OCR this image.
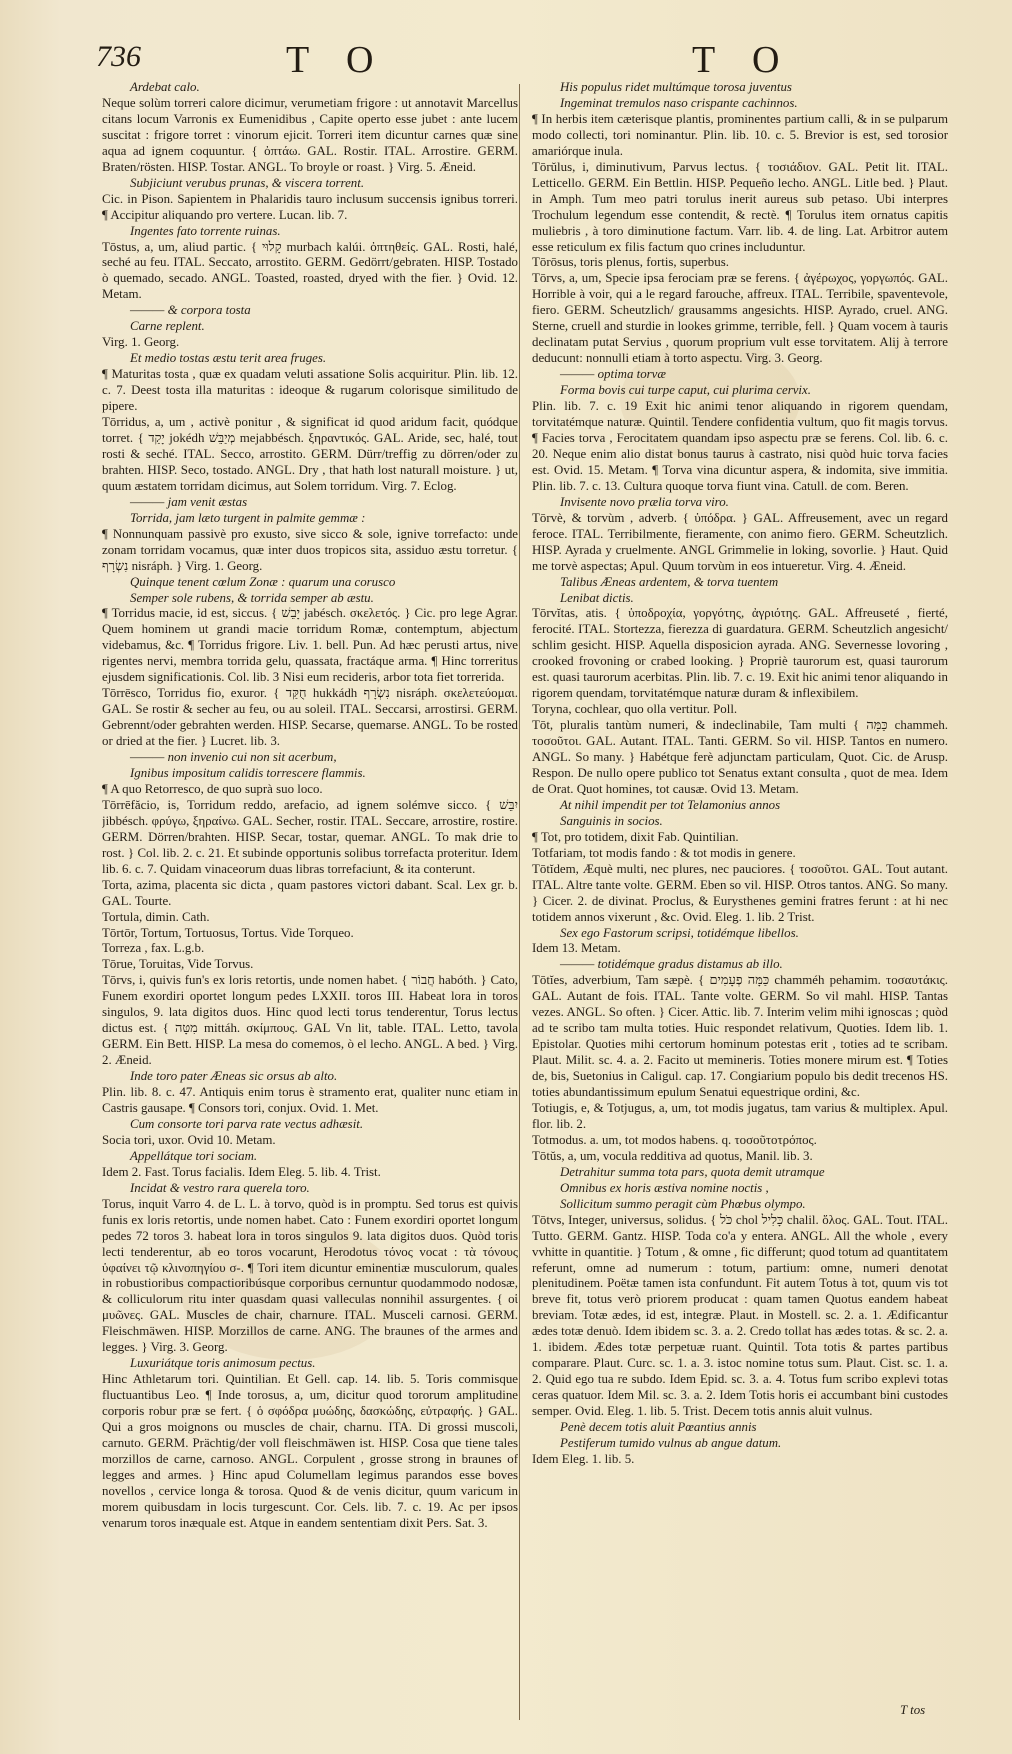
736	T O	T O
Ardebat calo.
Neque solùm torreri calore dicimur, verumetiam frigore : ut annotavit Marcellus citans locum Varronis ex Eumenidibus , Capite operto esse jubet : ante lucem suscitat : frigore torret : vinorum ejicit. Torreri item dicuntur carnes quæ sine aqua ad ignem coquuntur. { ὀπτάω. GAL. Rostir. ITAL. Arrostire. GERM. Braten/rösten. HISP. Tostar. ANGL. To broyle or roast. } Virg. 5. Æneid.
Subjiciunt verubus prunas, & viscera torrent.
Cic. in Pison. Sapientem in Phalaridis tauro inclusum succensis ignibus torreri. ¶ Accipitur aliquando pro vertere. Lucan. lib. 7.
Ingentes fato torrente ruinas.
Tōstus, a, um, aliud partic. { קָלוּי murbach kalúi. ὀπτηθείς. GAL. Rosti, halé, seché au feu. ITAL. Seccato, arrostito. GERM. Gedörrt/gebraten. HISP. Tostado ò quemado, secado. ANGL. Toasted, roasted, dryed with the fier. } Ovid. 12. Metam.
——— & corpora tosta
Carne replent.
Virg. 1. Georg.
Et medio tostas æstu terit area fruges.
¶ Maturitas tosta , quæ ex quadam veluti assatione Solis acquiritur. Plin. lib. 12. c. 7. Deest tosta illa maturitas : ideoque & rugarum colorisque similitudo de pipere.
Tōrridus, a, um , activè ponitur , & significat id quod aridum facit, quódque torret. { יָקַד jokédh מְיַבֵּשׁ mejabbésch. ξηραντικός. GAL. Aride, sec, halé, tout rosti & seché. ITAL. Secco, arrostito. GERM. Dürr/treffig zu dörren/oder zu brahten. HISP. Seco, tostado. ANGL. Dry , that hath lost naturall moisture. } ut, quum æstatem torridam dicimus, aut Solem torridum. Virg. 7. Eclog.
——— jam venit æstas
Torrida, jam læto turgent in palmite gemmæ :
¶ Nonnunquam passivè pro exusto, sive sicco & sole, ignive torrefacto: unde zonam torridam vocamus, quæ inter duos tropicos sita, assiduo æstu torretur. { נִשְׂרָף nisráph. } Virg. 1. Georg.
Quinque tenent cœlum Zonæ : quarum una corusco
Semper sole rubens, & torrida semper ab æstu.
¶ Torridus macie, id est, siccus. { יָבֵשׁ jabésch. σκελετός. } Cic. pro lege Agrar. Quem hominem ut grandi macie torridum Romæ, contemptum, abjectum videbamus, &c. ¶ Torridus frigore. Liv. 1. bell. Pun. Ad hæc perusti artus, nive rigentes nervi, membra torrida gelu, quassata, fractáque arma. ¶ Hinc torreritus ejusdem significationis. Col. lib. 3 Nisi eum recideris, arbor tota fiet torrerida.
Tōrrēsco, Torridus fio, exuror. { חֻקַּד hukkádh נִשְׂרָף nisráph. σκελετεύομαι. GAL. Se rostir & secher au feu, ou au soleil. ITAL. Seccarsi, arrostirsi. GERM. Gebrennt/oder gebrahten werden. HISP. Secarse, quemarse. ANGL. To be rosted or dried at the fier. } Lucret. lib. 3.
——— non invenio cui non sit acerbum,
Ignibus impositum calidis torrescere flammis.
¶ A quo Retorresco, de quo suprà suo loco.
Tōrrēfăcio, is, Torridum reddo, arefacio, ad ignem solémve sicco. { יִבֵּשׁ jibbésch. φρύγω, ξηραίνω. GAL. Secher, rostir. ITAL. Seccare, arrostire, rostire. GERM. Dörren/brahten. HISP. Secar, tostar, quemar. ANGL. To mak drie to rost. } Col. lib. 2. c. 21. Et subinde opportunis solibus torrefacta proteritur. Idem lib. 6. c. 7. Quidam vinaceorum duas libras torrefaciunt, & ita conterunt.
Torta, azima, placenta sic dicta , quam pastores victori dabant. Scal. Lex gr. b. GAL. Tourte.
Tortula, dimin. Cath.
Tōrtōr, Tortum, Tortuosus, Tortus. Vide Torqueo.
Torreza , fax. L.g.b.
Tōrue, Toruitas, Vide Torvus.
Tōrvs, i, quivis fun's ex loris retortis, unde nomen habet. { חֲבוֹר habóth. } Cato, Funem exordiri oportet longum pedes LXXII. toros III. Habeat lora in toros singulos, 9. lata digitos duos. Hinc quod lecti torus tenderentur, Torus lectus dictus est. { מִטָּה mittáh. σκίμπους. GAL Vn lit, table. ITAL. Letto, tavola GERM. Ein Bett. HISP. La mesa do comemos, ò el lecho. ANGL. A bed. } Virg. 2. Æneid.
Inde toro pater Æneas sic orsus ab alto.
Plin. lib. 8. c. 47. Antiquis enim torus è stramento erat, qualiter nunc etiam in Castris gausape. ¶ Consors tori, conjux. Ovid. 1. Met.
Cum consorte tori parva rate vectus adhæsit.
Socia tori, uxor. Ovid 10. Metam.
Appellátque tori sociam.
Idem 2. Fast. Torus facialis. Idem Eleg. 5. lib. 4. Trist.
Incidat & vestro rara querela toro.
Torus, inquit Varro 4. de L. L. à torvo, quòd is in promptu. Sed torus est quivis funis ex loris retortis, unde nomen habet. Cato : Funem exordiri oportet longum pedes 72 toros 3. habeat lora in toros singulos 9. lata digitos duos. Quòd toris lecti tenderentur, ab eo toros vocarunt, Herodotus τόνος vocat : τὰ τόνους ὑφαίνει τῷ κλινοπηγίου σ-. ¶ Tori item dicuntur eminentiæ musculorum, quales in robustioribus compactioribúsque corporibus cernuntur quodammodo nodosæ, & colliculorum ritu inter quasdam quasi valleculas nonnihil assurgentes. { οἱ μυῶνες. GAL. Muscles de chair, charnure. ITAL. Musceli carnosi. GERM. Fleischmäwen. HISP. Morzillos de carne. ANG. The braunes of the armes and legges. } Virg. 3. Georg.
Luxuriátque toris animosum pectus.
Hinc Athletarum tori. Quintilian. Et Gell. cap. 14. lib. 5. Toris commisque fluctuantibus Leo. ¶ Inde torosus, a, um, dicitur quod tororum amplitudine corporis robur præ se fert. { ὁ σφόδρα μυώδης, δασκώδης, εὐτραφής. } GAL. Qui a gros moignons ou muscles de chair, charnu. ITA. Di grossi muscoli, carnuto. GERM. Prächtig/der voll fleischmäwen ist. HISP. Cosa que tiene tales morzillos de carne, carnoso. ANGL. Corpulent , grosse strong in braunes of legges and armes. } Hinc apud Columellam legimus parandos esse boves novellos , cervice longa & torosa. Quod & de venis dicitur, quum varicum in morem quibusdam in locis turgescunt. Cor. Cels. lib. 7. c. 19. Ac per ipsos venarum toros inæquale est. Atque in eandem sententiam dixit Pers. Sat. 3.
His populus ridet multúmque torosa juventus
Ingeminat tremulos naso crispante cachinnos.
¶ In herbis item cæterisque plantis, prominentes partium calli, & in se pulparum modo collecti, tori nominantur. Plin. lib. 10. c. 5. Brevior is est, sed torosior amariórque inula.
Tōrŭlus, i, diminutivum, Parvus lectus. { τοσιάδιον. GAL. Petit lit. ITAL. Letticello. GERM. Ein Bettlin. HISP. Pequeño lecho. ANGL. Litle bed. } Plaut. in Amph. Tum meo patri torulus inerit aureus sub petaso. Ubi interpres Trochulum legendum esse contendit, & rectè. ¶ Torulus item ornatus capitis muliebris , à toro diminutione factum. Varr. lib. 4. de ling. Lat. Arbitror autem esse reticulum ex filis factum quo crines includuntur.
Tōrōsus, toris plenus, fortis, superbus.
Tōrvs, a, um, Specie ipsa ferociam præ se ferens. { ἀγέρωχος, γοργωπός. GAL. Horrible à voir, qui a le regard farouche, affreux. ITAL. Terribile, spaventevole, fiero. GERM. Scheutzlich/ grausamms angesichts. HISP. Ayrado, cruel. ANG. Sterne, cruell and sturdie in lookes grimme, terrible, fell. } Quam vocem à tauris declinatam putat Servius , quorum proprium vult esse torvitatem. Alij à terrore deducunt: nonnulli etiam à torto aspectu. Virg. 3. Georg.
——— optima torvæ
Forma bovis cui turpe caput, cui plurima cervix.
Plin. lib. 7. c. 19 Exit hic animi tenor aliquando in rigorem quendam, torvitatémque naturæ. Quintil. Tendere confidentia vultum, quo fit magis torvus. ¶ Facies torva , Ferocitatem quandam ipso aspectu præ se ferens. Col. lib. 6. c. 20. Neque enim alio distat bonus taurus à castrato, nisi quòd huic torva facies est. Ovid. 15. Metam. ¶ Torva vina dicuntur aspera, & indomita, sive immitia. Plin. lib. 7. c. 13. Cultura quoque torva fiunt vina. Catull. de com. Beren.
Invisente novo prælia torva viro.
Tōrvè, & torvùm , adverb. { ὑπόδρα. } GAL. Affreusement, avec un regard feroce. ITAL. Terribilmente, fieramente, con animo fiero. GERM. Scheutzlich. HISP. Ayrada y cruelmente. ANGL Grimmelie in loking, sovorlie. } Haut. Quid me torvè aspectas; Apul. Quum torvùm in eos intueretur. Virg. 4. Æneid.
Talibus Æneas ardentem, & torva tuentem
Lenibat dictis.
Tōrvĭtas, atis. { ὑποδροχία, γοργότης, ἀγριότης. GAL. Affreuseté , fierté, ferocité. ITAL. Stortezza, fierezza di guardatura. GERM. Scheutzlich angesicht/ schlim gesicht. HISP. Aquella disposicion ayrada. ANG. Severnesse lovoring , crooked frovoning or crabed looking. } Propriè taurorum est, quasi taurorum est. quasi taurorum acerbitas. Plin. lib. 7. c. 19. Exit hic animi tenor aliquando in rigorem quendam, torvitatémque naturæ duram & inflexibilem.
Toryna, cochlear, quo olla vertitur. Poll.
Tōt, pluralis tantùm numeri, & indeclinabile, Tam multi { כַּמָּה chammeh. τοσοῦτοι. GAL. Autant. ITAL. Tanti. GERM. So vil. HISP. Tantos en numero. ANGL. So many. } Habétque ferè adjunctam particulam, Quot. Cic. de Arusp. Respon. De nullo opere publico tot Senatus extant consulta , quot de mea. Idem de Orat. Quot homines, tot causæ. Ovid 13. Metam.
At nihil impendit per tot Telamonius annos
Sanguinis in socios.
¶ Tot, pro totidem, dixit Fab. Quintilian.
Totfariam, tot modis fando : & tot modis in genere.
Tōtĭdem, Æquè multi, nec plures, nec pauciores. { τοσοῦτοι. GAL. Tout autant. ITAL. Altre tante volte. GERM. Eben so vil. HISP. Otros tantos. ANG. So many. } Cicer. 2. de divinat. Proclus, & Eurysthenes gemini fratres ferunt : at hi nec totidem annos vixerunt , &c. Ovid. Eleg. 1. lib. 2 Trist.
Sex ego Fastorum scripsi, totidémque libellos.
Idem 13. Metam.
——— totidémque gradus distamus ab illo.
Tōtĭes, adverbium, Tam sæpè. { כַּמָּה פְעָמִים chamméh pehamim. τοσαυτάκις. GAL. Autant de fois. ITAL. Tante volte. GERM. So vil mahl. HISP. Tantas vezes. ANGL. So often. } Cicer. Attic. lib. 7. Interim velim mihi ignoscas ; quòd ad te scribo tam multa toties. Huic respondet relativum, Quoties. Idem lib. 1. Epistolar. Quoties mihi certorum hominum potestas erit , toties ad te scribam. Plaut. Milit. sc. 4. a. 2. Facito ut memineris. Toties monere mirum est. ¶ Toties de, bis, Suetonius in Caligul. cap. 17. Congiarium populo bis dedit trecenos HS. toties abundantissimum epulum Senatui equestrique ordini, &c.
Totiugis, e, & Totjugus, a, um, tot modis jugatus, tam varius & multiplex. Apul. flor. lib. 2.
Totmodus. a. um, tot modos habens. q. τοσοῦτοτρόπος.
Tōtŭs, a, um, vocula redditiva ad quotus, Manil. lib. 3.
Detrahitur summa tota pars, quota demit utramque
Omnibus ex horis æstiva nomine noctis ,
Sollicitum summo peragit cùm Phœbus olympo.
Tōtvs, Integer, universus, solidus. { כֹּל chol כָּלִיל chalil. ὅλος. GAL. Tout. ITAL. Tutto. GERM. Gantz. HISP. Toda co'a y entera. ANGL. All the whole , every vvhitte in quantitie. } Totum , & omne , fic differunt; quod totum ad quantitatem referunt, omne ad numerum : totum, partium: omne, numeri denotat plenitudinem. Poëtæ tamen ista confundunt. Fit autem Totus à tot, quum vis tot breve fit, totus verò priorem producat : quam tamen Quotus eandem habeat breviam. Totæ ædes, id est, integræ. Plaut. in Mostell. sc. 2. a. 1. Ædificantur ædes totæ denuò. Idem ibidem sc. 3. a. 2. Credo tollat has ædes totas. & sc. 2. a. 1. ibidem. Ædes totæ perpetuæ ruant. Quintil. Tota totis & partes partibus comparare. Plaut. Curc. sc. 1. a. 3. istoc nomine totus sum. Plaut. Cist. sc. 1. a. 2. Quid ego tua re subdo. Idem Epid. sc. 3. a. 4. Totus fum scribo explevi totas ceras quatuor. Idem Mil. sc. 3. a. 2. Idem Totis horis ei accumbant bini custodes semper. Ovid. Eleg. 1. lib. 5. Trist. Decem totis annis aluit vulnus.
Penè decem totis aluit Pœantius annis
Pestiferum tumido vulnus ab angue datum.
Idem Eleg. 1. lib. 5.
T tos
